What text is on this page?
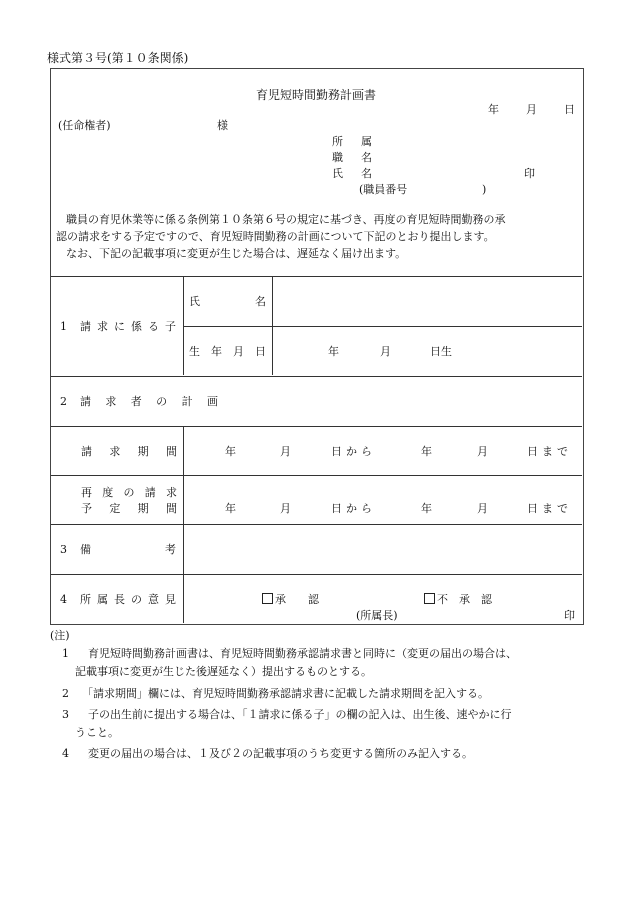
様式第３号(第１０条関係)
育児短時間勤務計画書
年 月 日
(任命権者)	様
所 属
職 名
氏 名	印
(職員番号	)
職員の育児休業等に係る条例第１０条第６号の規定に基づき、再度の育児短時間勤務の承
認の請求をする予定ですので、育児短時間勤務の計画について下記のとおり提出します。
なお、下記の記載事項に変更が生じた場合は、遅延なく届け出ます。
1 請 求 に 係 る 子
氏	名
生 年 月 日	年	月	日生
2 請 求 者 の 計 画
請 求 期 間	年	月	日から	年	月	日まで
再 度 の 請 求
予 定 期 間	年	月	日から	年	月	日まで
3 備	考
4 所 属 長 の 意 見	承　　認	不　承　認
(所属長)	印
(注)
1 育児短時間勤務計画書は、育児短時間勤務承認請求書と同時に（変更の届出の場合は、
記載事項に変更が生じた後遅延なく）提出するものとする。
2 「請求期間」欄には、育児短時間勤務承認請求書に記載した請求期間を記入する。
3 子の出生前に提出する場合は、「１請求に係る子」の欄の記入は、出生後、速やかに行
うこと。
4 変更の届出の場合は、１及び２の記載事項のうち変更する箇所のみ記入する。
